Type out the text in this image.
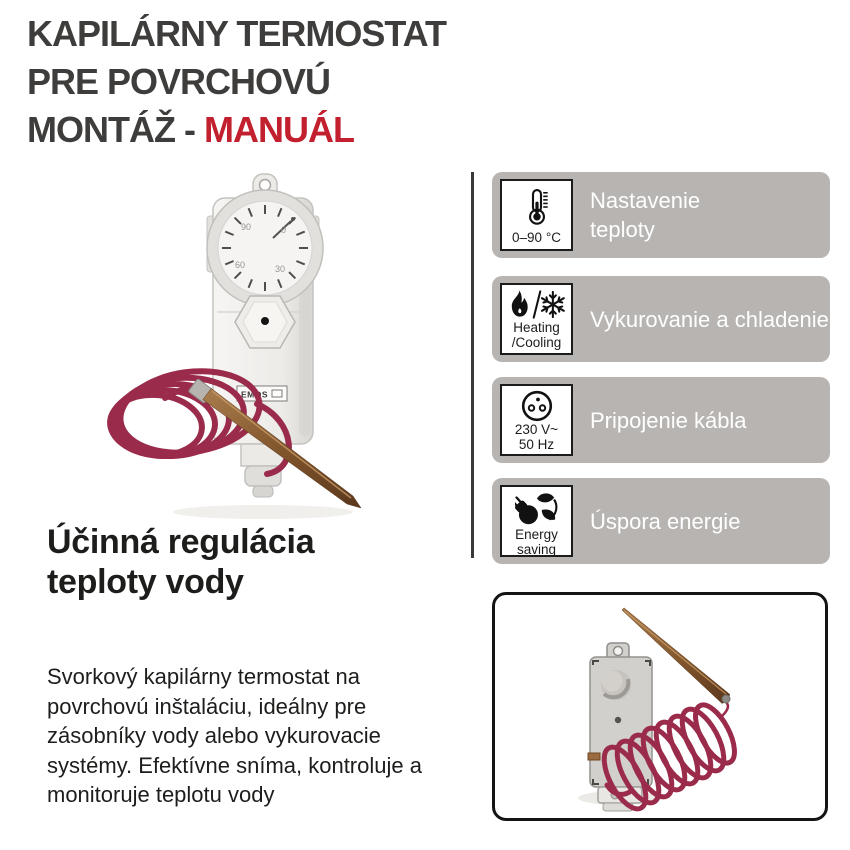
KAPILÁRNY TERMOSTAT
PRE POVRCHOVÚ
MONTÁŽ - MANUÁL
0
30
60
90
EMOS
0–90 °C
Nastavenie
teploty
Heating
/Cooling
Vykurovanie a chladenie
230 V~
50 Hz
Pripojenie kábla
Energy
saving
Úspora energie
Účinná regulácia
teploty vody
Svorkový kapilárny termostat na
povrchovú inštaláciu, ideálny pre
zásobníky vody alebo vykurovacie
systémy. Efektívne sníma, kontroluje a
monitoruje teplotu vody
